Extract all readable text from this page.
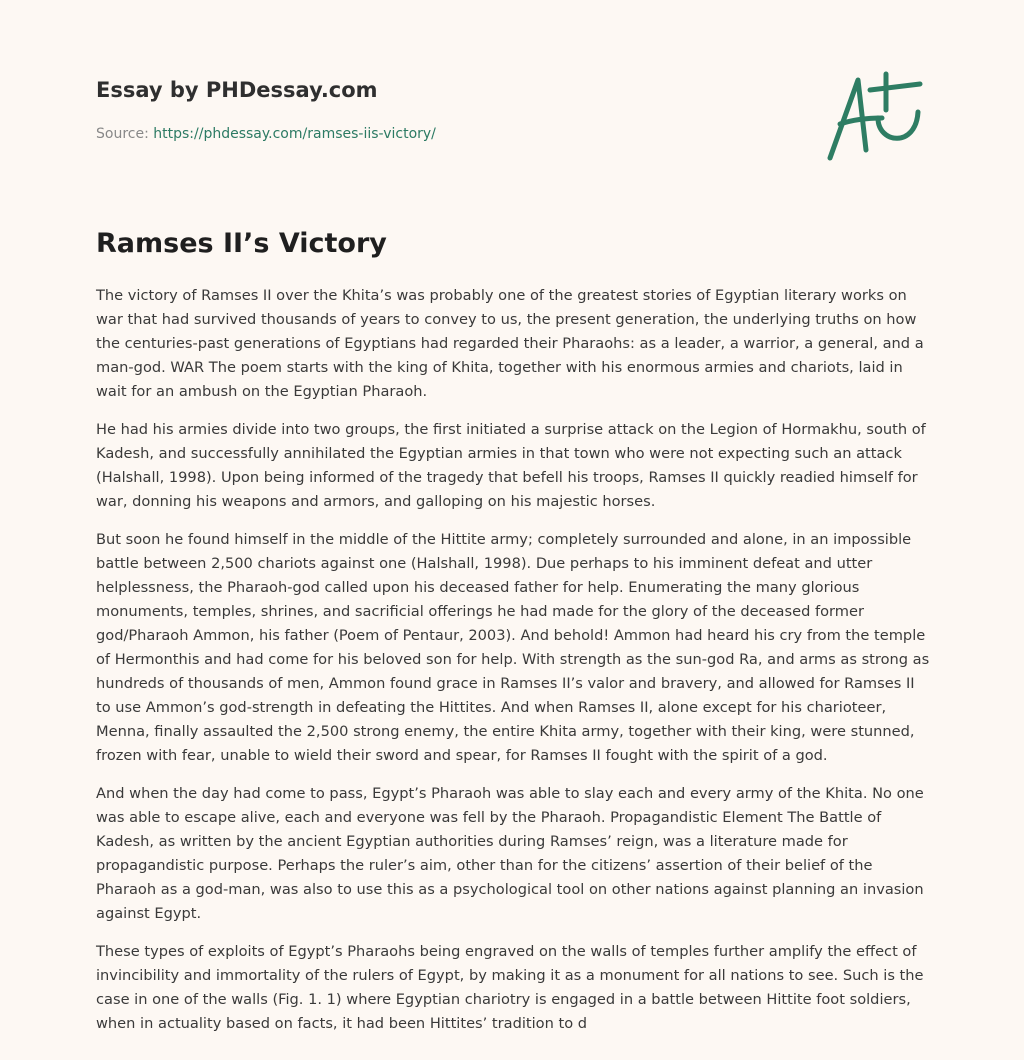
Essay by PHDessay.com
Source: https://phdessay.com/ramses-iis-victory/
Ramses II’s Victory

The victory of Ramses II over the Khita’s was probably one of the greatest stories of Egyptian literary works on war that had survived thousands of years to convey to us, the present generation, the underlying truths on how the centuries-past generations of Egyptians had regarded their Pharaohs: as a leader, a warrior, a general, and a man-god. WAR The poem starts with the king of Khita, together with his enormous armies and chariots, laid in wait for an ambush on the Egyptian Pharaoh.

He had his armies divide into two groups, the first initiated a surprise attack on the Legion of Hormakhu, south of Kadesh, and successfully annihilated the Egyptian armies in that town who were not expecting such an attack (Halshall, 1998). Upon being informed of the tragedy that befell his troops, Ramses II quickly readied himself for war, donning his weapons and armors, and galloping on his majestic horses.

But soon he found himself in the middle of the Hittite army; completely surrounded and alone, in an impossible battle between 2,500 chariots against one (Halshall, 1998). Due perhaps to his imminent defeat and utter helplessness, the Pharaoh-god called upon his deceased father for help. Enumerating the many glorious monuments, temples, shrines, and sacrificial offerings he had made for the glory of the deceased former god/Pharaoh Ammon, his father (Poem of Pentaur, 2003). And behold! Ammon had heard his cry from the temple of Hermonthis and had come for his beloved son for help. With strength as the sun-god Ra, and arms as strong as hundreds of thousands of men, Ammon found grace in Ramses II’s valor and bravery, and allowed for Ramses II to use Ammon’s god-strength in defeating the Hittites. And when Ramses II, alone except for his charioteer, Menna, finally assaulted the 2,500 strong enemy, the entire Khita army, together with their king, were stunned, frozen with fear, unable to wield their sword and spear, for Ramses II fought with the spirit of a god.

And when the day had come to pass, Egypt’s Pharaoh was able to slay each and every army of the Khita. No one was able to escape alive, each and everyone was fell by the Pharaoh. Propagandistic Element The Battle of Kadesh, as written by the ancient Egyptian authorities during Ramses’ reign, was a literature made for propagandistic purpose. Perhaps the ruler’s aim, other than for the citizens’ assertion of their belief of the Pharaoh as a god-man, was also to use this as a psychological tool on other nations against planning an invasion against Egypt.

These types of exploits of Egypt’s Pharaohs being engraved on the walls of temples further amplify the effect of invincibility and immortality of the rulers of Egypt, by making it as a monument for all nations to see. Such is the case in one of the walls (Fig. 1. 1) where Egyptian chariotry is engaged in a battle between Hittite foot soldiers, when in actuality based on facts, it had been Hittites’ tradition to d
